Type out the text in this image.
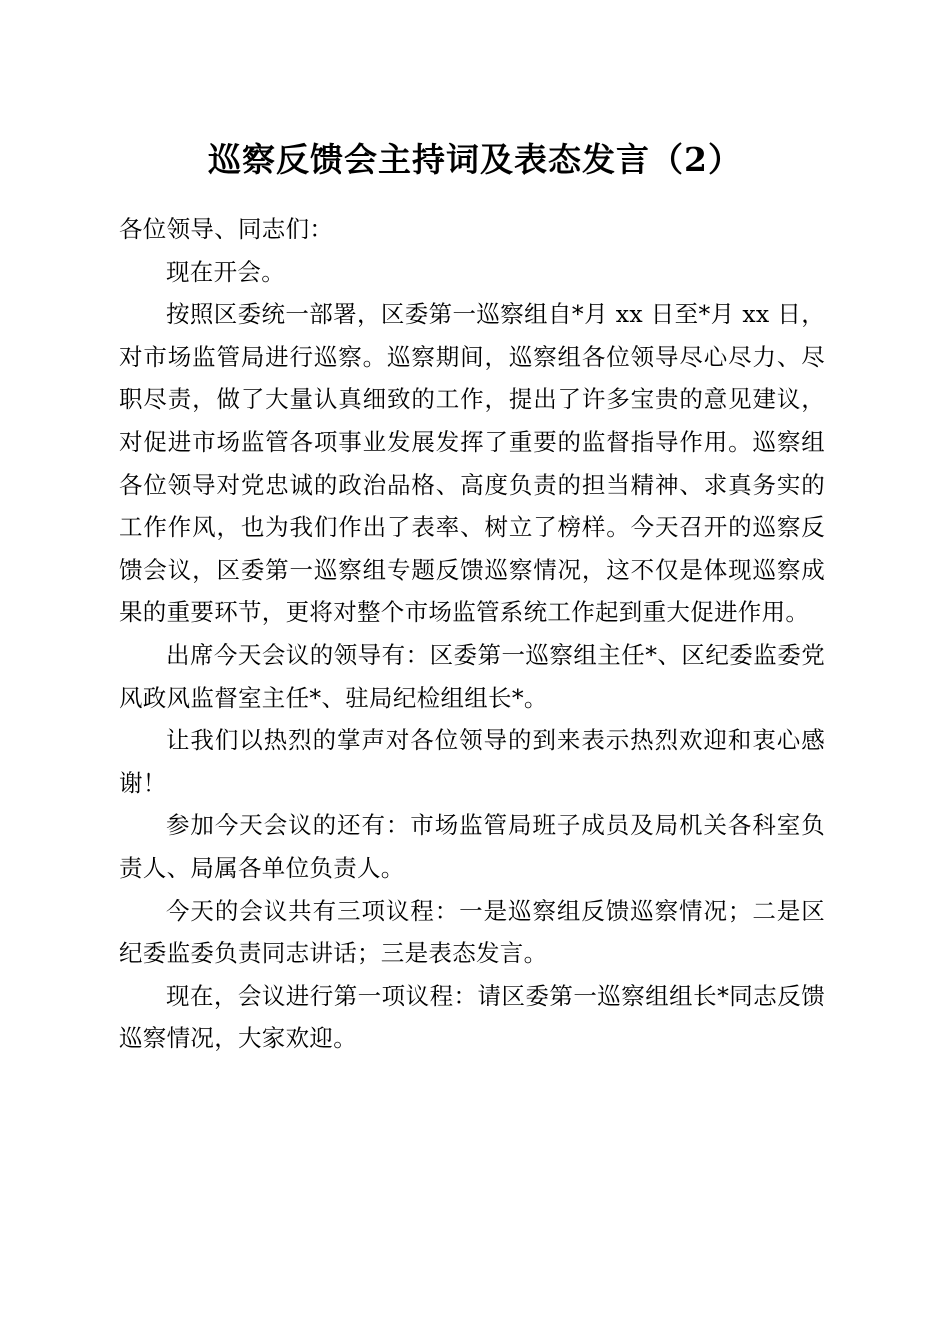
巡察反馈会主持词及表态发言（2）

各位领导、同志们：

现在开会。

按照区委统一部署，区委第一巡察组自*月 xx 日至*月 xx 日，对市场监管局进行巡察。巡察期间，巡察组各位领导尽心尽力、尽职尽责，做了大量认真细致的工作，提出了许多宝贵的意见建议，对促进市场监管各项事业发展发挥了重要的监督指导作用。巡察组各位领导对党忠诚的政治品格、高度负责的担当精神、求真务实的工作作风，也为我们作出了表率、树立了榜样。今天召开的巡察反馈会议，区委第一巡察组专题反馈巡察情况，这不仅是体现巡察成果的重要环节，更将对整个市场监管系统工作起到重大促进作用。

出席今天会议的领导有：区委第一巡察组主任*、区纪委监委党风政风监督室主任*、驻局纪检组组长*。

让我们以热烈的掌声对各位领导的到来表示热烈欢迎和衷心感谢！

参加今天会议的还有：市场监管局班子成员及局机关各科室负责人、局属各单位负责人。

今天的会议共有三项议程：一是巡察组反馈巡察情况；二是区纪委监委负责同志讲话；三是表态发言。

现在，会议进行第一项议程：请区委第一巡察组组长*同志反馈巡察情况，大家欢迎。
